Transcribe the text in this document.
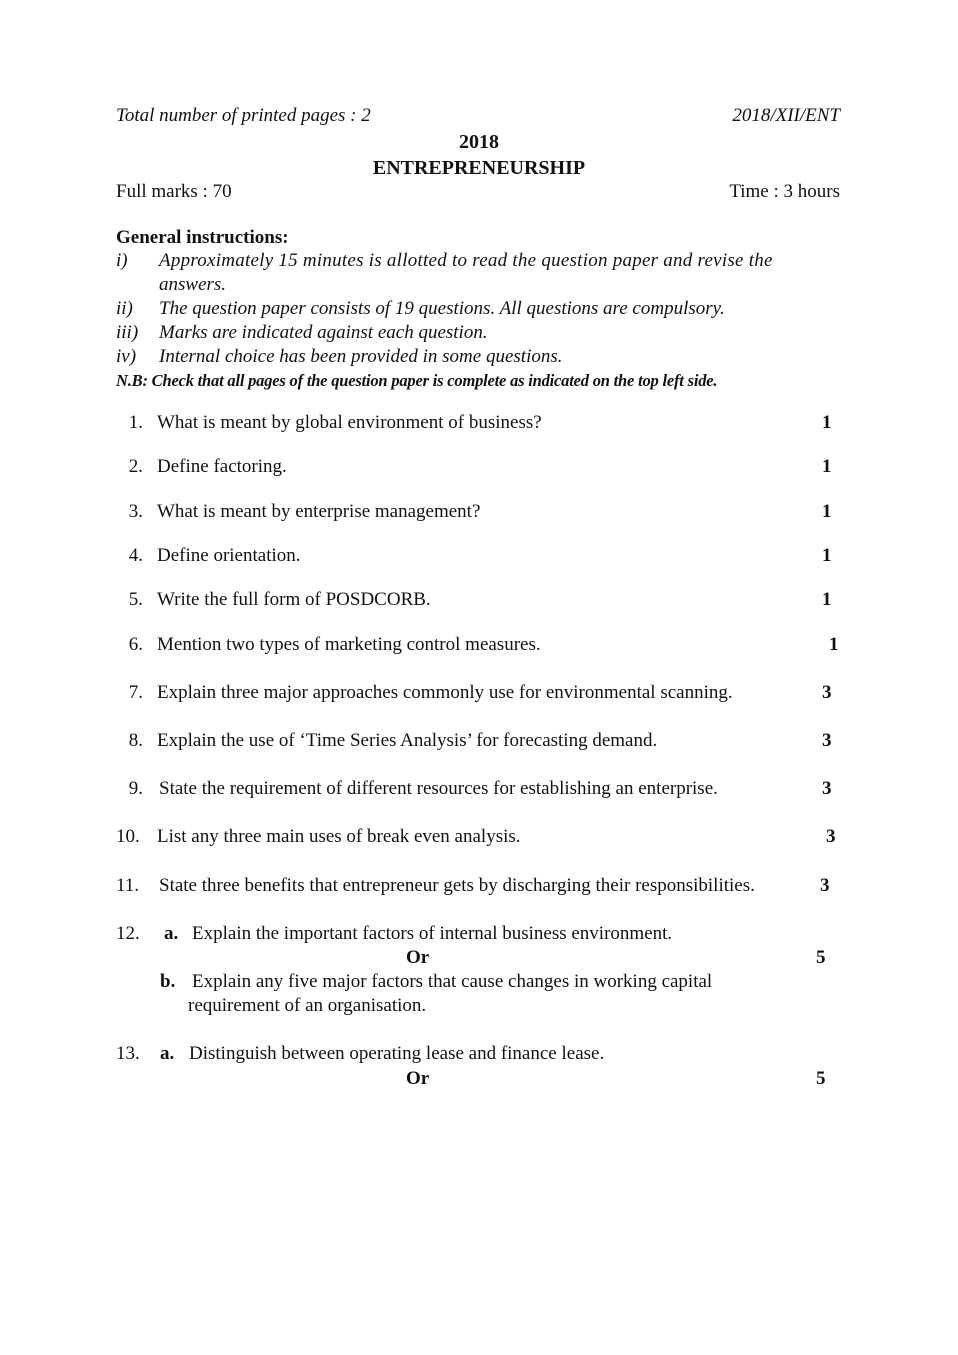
Total number of printed pages : 2	2018/XII/ENT
2018
ENTREPRENEURSHIP
Full marks : 70	Time : 3 hours
General instructions:
i) Approximately 15 minutes is allotted to read the question paper and revise the
answers.
ii) The question paper consists of 19 questions. All questions are compulsory.
iii) Marks are indicated against each question.
iv) Internal choice has been provided in some questions.
N.B: Check that all pages of the question paper is complete as indicated on the top left side.
1. What is meant by global environment of business?	1
2. Define factoring.	1
3. What is meant by enterprise management?	1
4. Define orientation.	1
5. Write the full form of POSDCORB.	1
6. Mention two types of marketing control measures.	1
7. Explain three major approaches commonly use for environmental scanning.	3
8. Explain the use of ‘Time Series Analysis’ for forecasting demand.	3
9. State the requirement of different resources for establishing an enterprise.	3
10. List any three main uses of break even analysis.	3
11. State three benefits that entrepreneur gets by discharging their responsibilities.	3
12. a. Explain the important factors of internal business environment.
Or	5
b. Explain any five major factors that cause changes in working capital
requirement of an organisation.
13. a. Distinguish between operating lease and finance lease.
Or	5
